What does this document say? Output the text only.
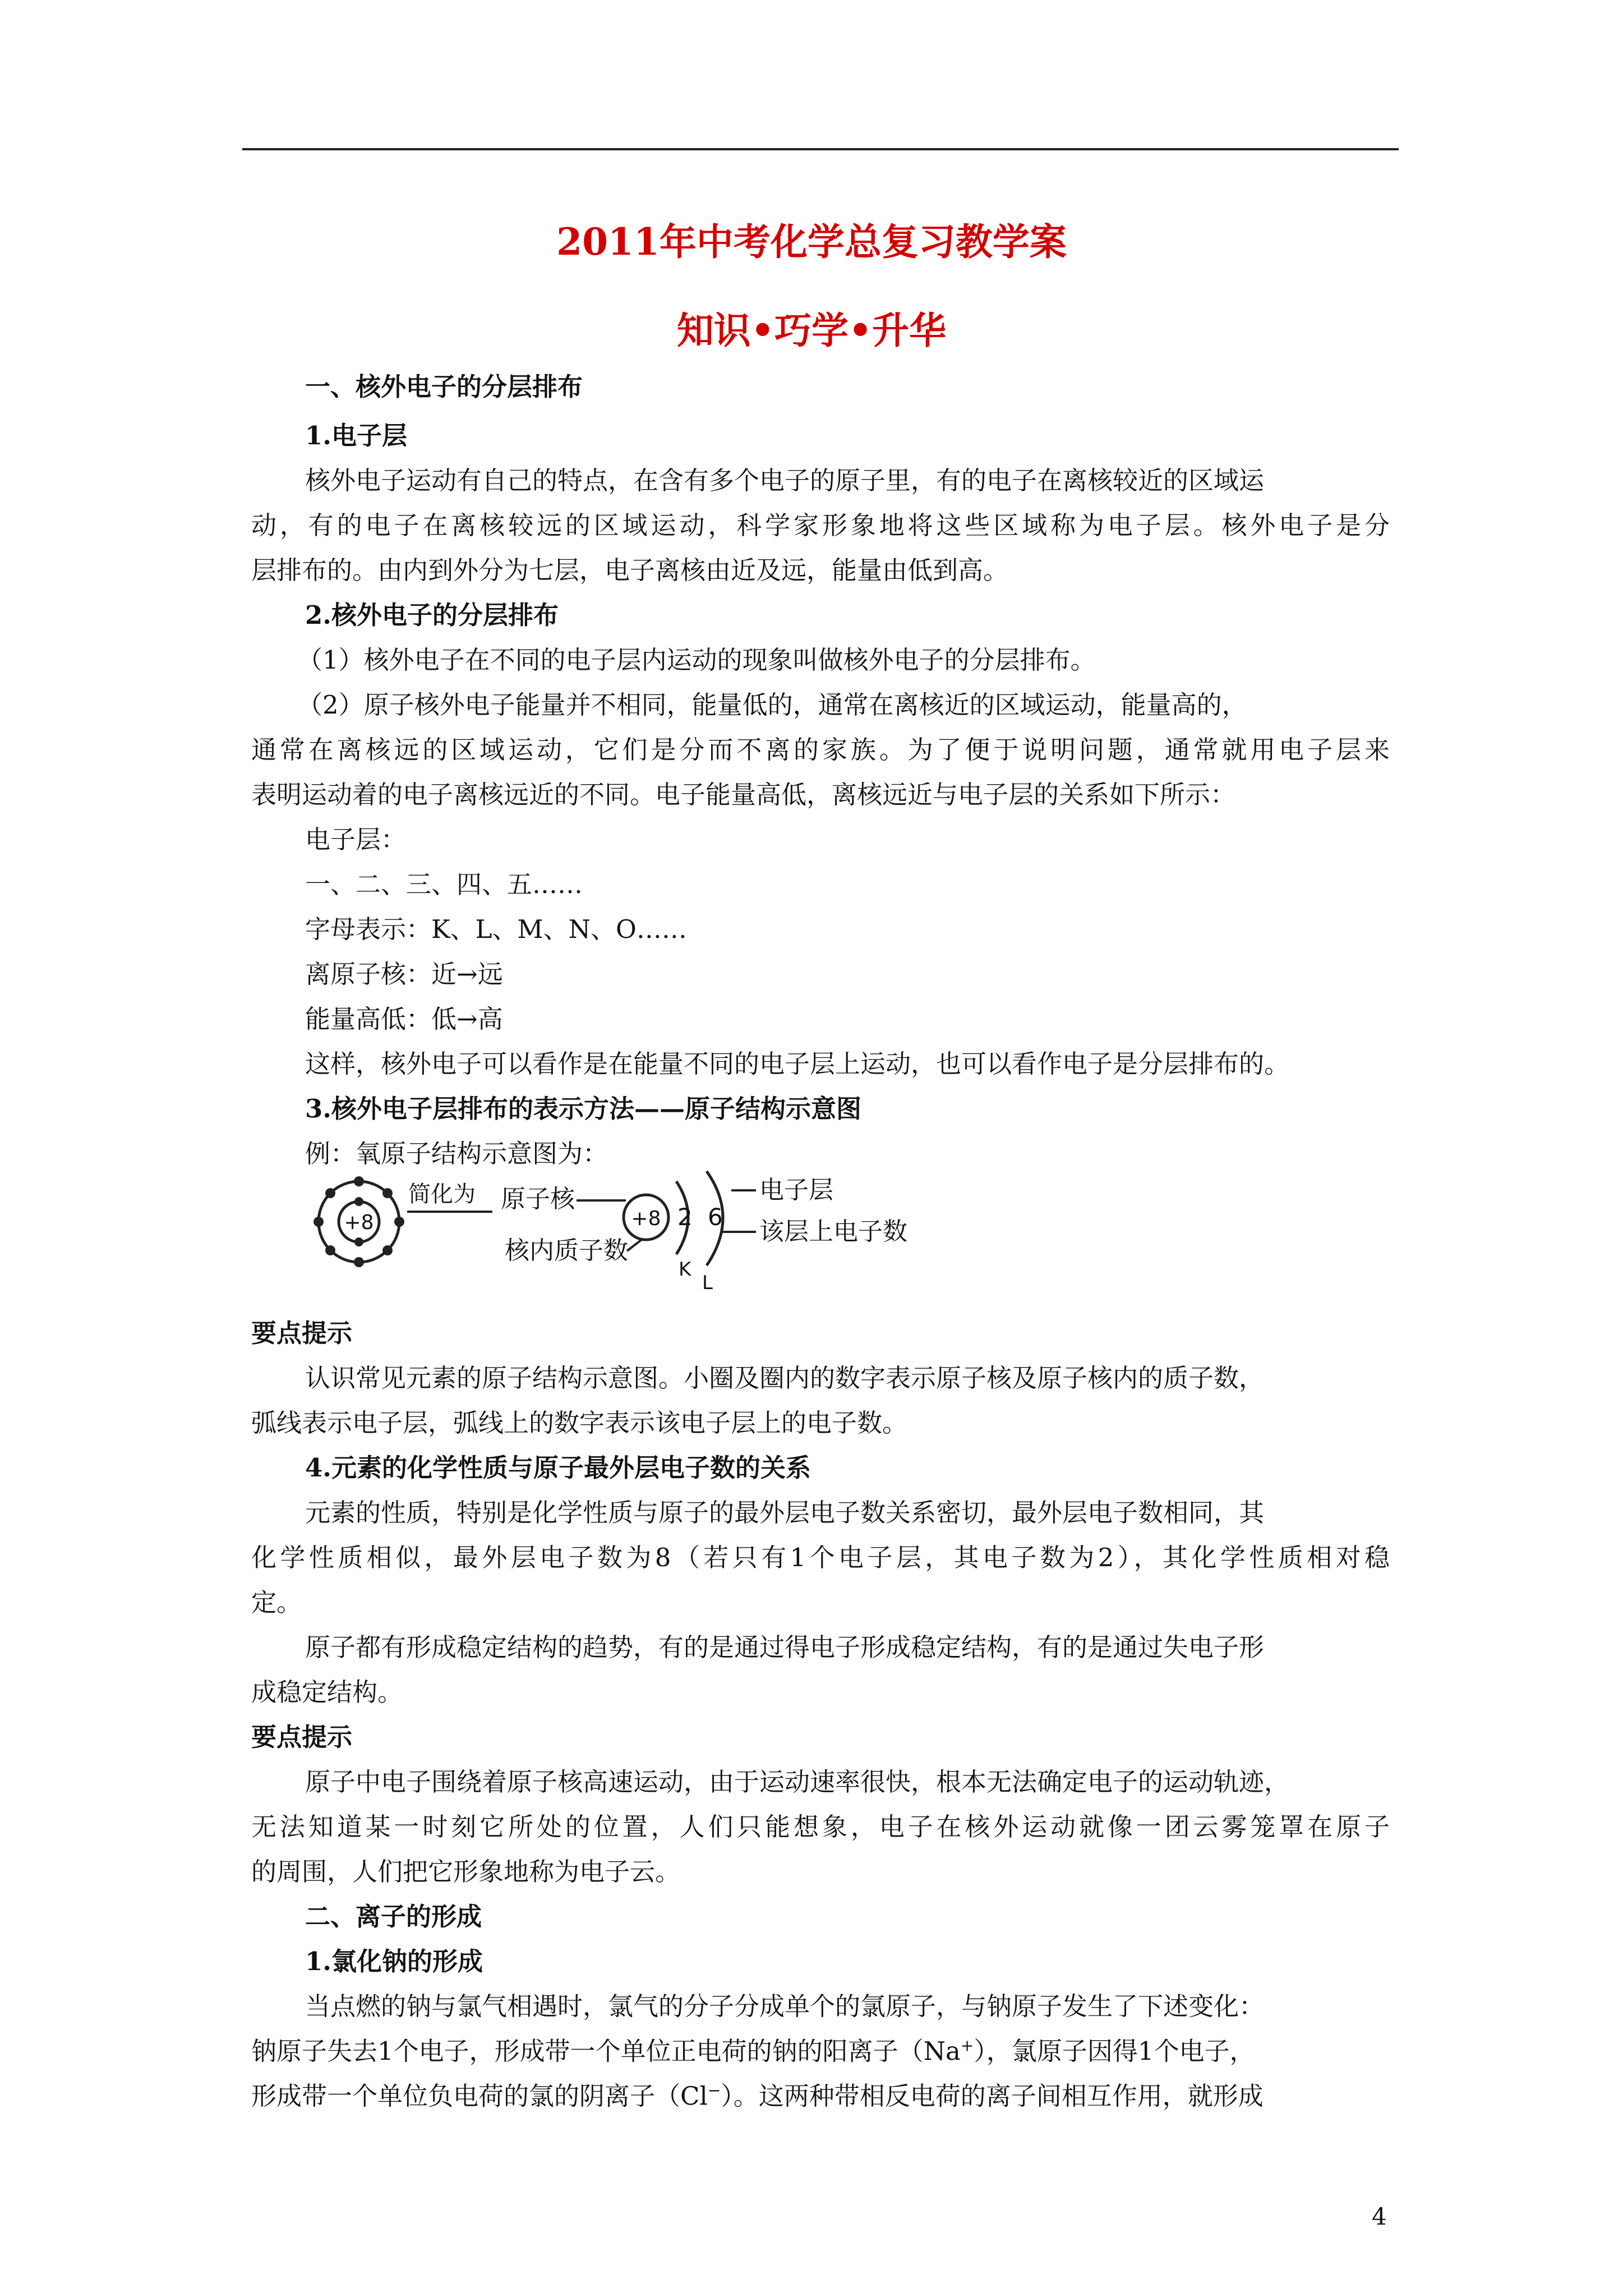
2011年中考化学总复习教学案
知识•巧学•升华
一、核外电子的分层排布
1.电子层
核外电子运动有自己的特点，在含有多个电子的原子里，有的电子在离核较近的区域运
动，有的电子在离核较远的区域运动，科学家形象地将这些区域称为电子层。核外电子是分
层排布的。由内到外分为七层，电子离核由近及远，能量由低到高。
2.核外电子的分层排布
（1）核外电子在不同的电子层内运动的现象叫做核外电子的分层排布。
（2）原子核外电子能量并不相同，能量低的，通常在离核近的区域运动，能量高的，
通常在离核远的区域运动，它们是分而不离的家族。为了便于说明问题，通常就用电子层来
表明运动着的电子离核远近的不同。电子能量高低，离核远近与电子层的关系如下所示：
电子层：
一、二、三、四、五……
字母表示：K、L、M、N、O……
离原子核：近→远
能量高低：低→高
这样，核外电子可以看作是在能量不同的电子层上运动，也可以看作电子是分层排布的。
3.核外电子层排布的表示方法——原子结构示意图
例：氧原子结构示意图为：
+8
简化为 原子核
+8 2 6
K
L
电子层
该层上电子数
核内质子数
要点提示
认识常见元素的原子结构示意图。小圈及圈内的数字表示原子核及原子核内的质子数，
弧线表示电子层，弧线上的数字表示该电子层上的电子数。
4.元素的化学性质与原子最外层电子数的关系
元素的性质，特别是化学性质与原子的最外层电子数关系密切，最外层电子数相同，其
化学性质相似，最外层电子数为8（若只有1个电子层，其电子数为2），其化学性质相对稳
定。
原子都有形成稳定结构的趋势，有的是通过得电子形成稳定结构，有的是通过失电子形
成稳定结构。
要点提示
原子中电子围绕着原子核高速运动，由于运动速率很快，根本无法确定电子的运动轨迹，
无法知道某一时刻它所处的位置，人们只能想象，电子在核外运动就像一团云雾笼罩在原子
的周围，人们把它形象地称为电子云。
二、离子的形成
1.氯化钠的形成
当点燃的钠与氯气相遇时，氯气的分子分成单个的氯原子，与钠原子发生了下述变化：
钠原子失去1个电子，形成带一个单位正电荷的钠的阳离子（Na+），氯原子因得1个电子，
形成带一个单位负电荷的氯的阴离子（Cl−）。这两种带相反电荷的离子间相互作用，就形成
4
